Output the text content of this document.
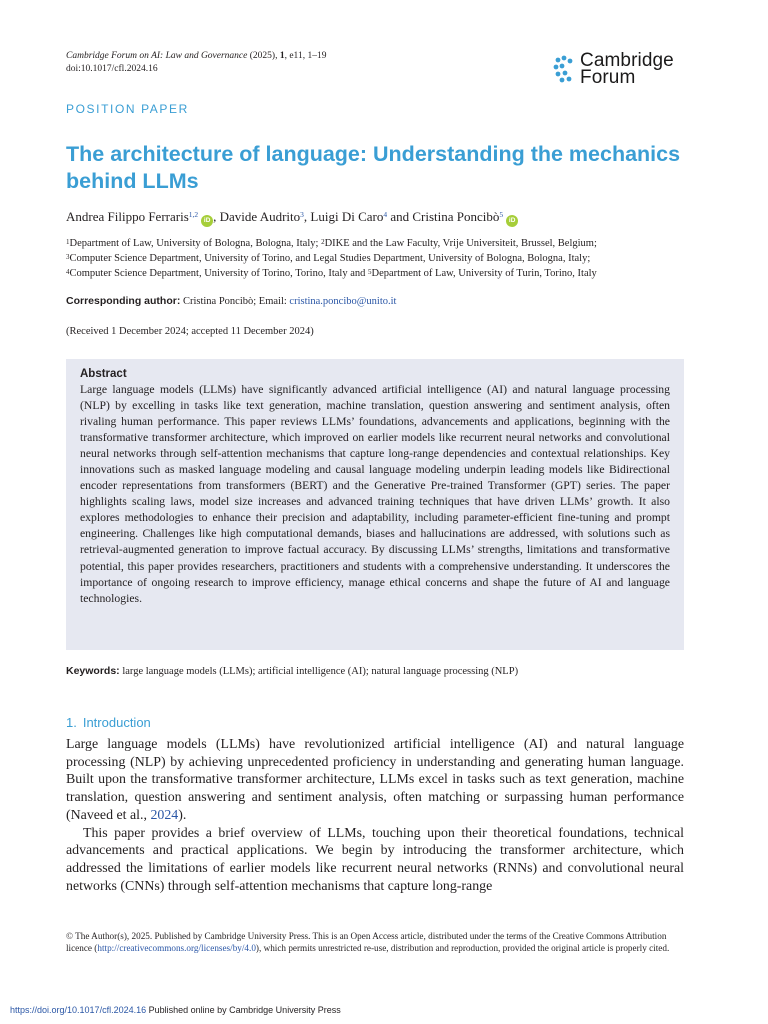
Cambridge Forum on AI: Law and Governance (2025), 1, e11, 1–19
doi:10.1017/cfl.2024.16	Cambridge
Forum
POSITION PAPER
The architecture of language: Understanding the mechanics behind LLMs
Andrea Filippo Ferraris$^{1,2}$iD , Davide Audrito$^3$, Luigi Di Caro$^4$ and Cristina Poncibò$^5$iD
$^1$Department of Law, University of Bologna, Bologna, Italy; $^2$DIKE and the Law Faculty, Vrije Universiteit, Brussel, Belgium;
$^3$Computer Science Department, University of Torino, and Legal Studies Department, University of Bologna, Bologna, Italy;
$^4$Computer Science Department, University of Torino, Torino, Italy and $^5$Department of Law, University of Turin, Torino, Italy
Corresponding author: Cristina Poncibò; Email: cristina.poncibo@unito.it
(Received 1 December 2024; accepted 11 December 2024)
Abstract

Large language models (LLMs) have significantly advanced artificial intelligence (AI) and natural language processing (NLP) by excelling in tasks like text generation, machine translation, question answering and sentiment analysis, often rivaling human performance. This paper reviews LLMs’ foundations, advancements and applications, beginning with the transformative transformer architecture, which improved on earlier models like recurrent neural networks and convolutional neural networks through self-attention mechanisms that capture long-range dependencies and contextual relationships. Key innovations such as masked language modeling and causal language modeling underpin leading models like Bidirectional encoder representations from transformers (BERT) and the Generative Pre-trained Transformer (GPT) series. The paper highlights scaling laws, model size increases and advanced training techniques that have driven LLMs’ growth. It also explores methodologies to enhance their precision and adaptability, including parameter-efficient fine-tuning and prompt engineering. Challenges like high computational demands, biases and hallucinations are addressed, with solutions such as retrieval-augmented generation to improve factual accuracy. By discussing LLMs’ strengths, limitations and transformative potential, this paper provides researchers, practitioners and students with a comprehensive understanding. It underscores the importance of ongoing research to improve efficiency, manage ethical concerns and shape the future of AI and language technologies.

Keywords: large language models (LLMs); artificial intelligence (AI); natural language processing (NLP)
1. Introduction

Large language models (LLMs) have revolutionized artificial intelligence (AI) and natural language processing (NLP) by achieving unprecedented proficiency in understanding and generating human language. Built upon the transformative transformer architecture, LLMs excel in tasks such as text generation, machine translation, question answering and sentiment analysis, often matching or surpassing human performance (Naveed et al., 2024).

This paper provides a brief overview of LLMs, touching upon their theoretical foundations, technical advancements and practical applications. We begin by introducing the transformer architecture, which addressed the limitations of earlier models like recurrent neural networks (RNNs) and convolutional neural networks (CNNs) through self-attention mechanisms that capture long-range

© The Author(s), 2025. Published by Cambridge University Press. This is an Open Access article, distributed under the terms of the Creative Commons Attribution licence (http://creativecommons.org/licenses/by/4.0), which permits unrestricted re-use, distribution and reproduction, provided the original article is properly cited.
https://doi.org/10.1017/cfl.2024.16 Published online by Cambridge University Press
